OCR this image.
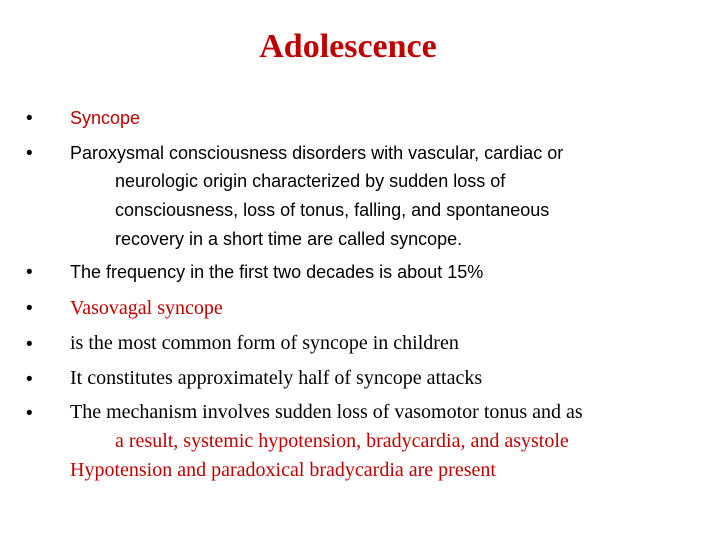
Adolescence
• Syncope
• Paroxysmal consciousness disorders with vascular, cardiac or
neurologic origin characterized by sudden loss of
consciousness, loss of tonus, falling, and spontaneous
recovery in a short time are called syncope.
• The frequency in the first two decades is about 15%
• Vasovagal syncope
• is the most common form of syncope in children
• It constitutes approximately half of syncope attacks
• The mechanism involves sudden loss of vasomotor tonus and as
a result, systemic hypotension, bradycardia, and asystole
Hypotension and paradoxical bradycardia are present
